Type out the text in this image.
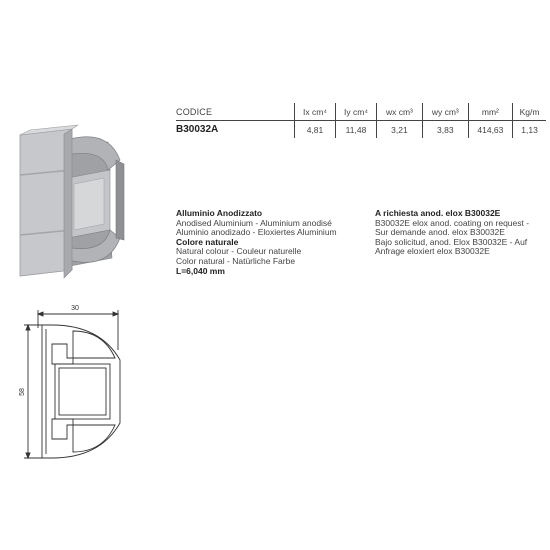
CODICE	Ix cm⁴	Iy cm⁴	wx cm³	wy cm³	mm²	Kg/m
B30032A	4,81	11,48	3,21	3,83	414,63	1,13
Alluminio Anodizzato
Anodised Aluminium - Aluminium anodisé
Aluminio anodizado - Eloxiertes Aluminium
Colore naturale
Natural colour - Couleur naturelle
Color natural - Natürliche Farbe
L=6,040 mm
A richiesta anod. elox B30032E
B30032E elox anod. coating on request -
Sur demande anod. elox B30032E
Bajo solicitud, anod. Elox B30032E - Auf
Anfrage eloxiert elox B30032E
30
58
